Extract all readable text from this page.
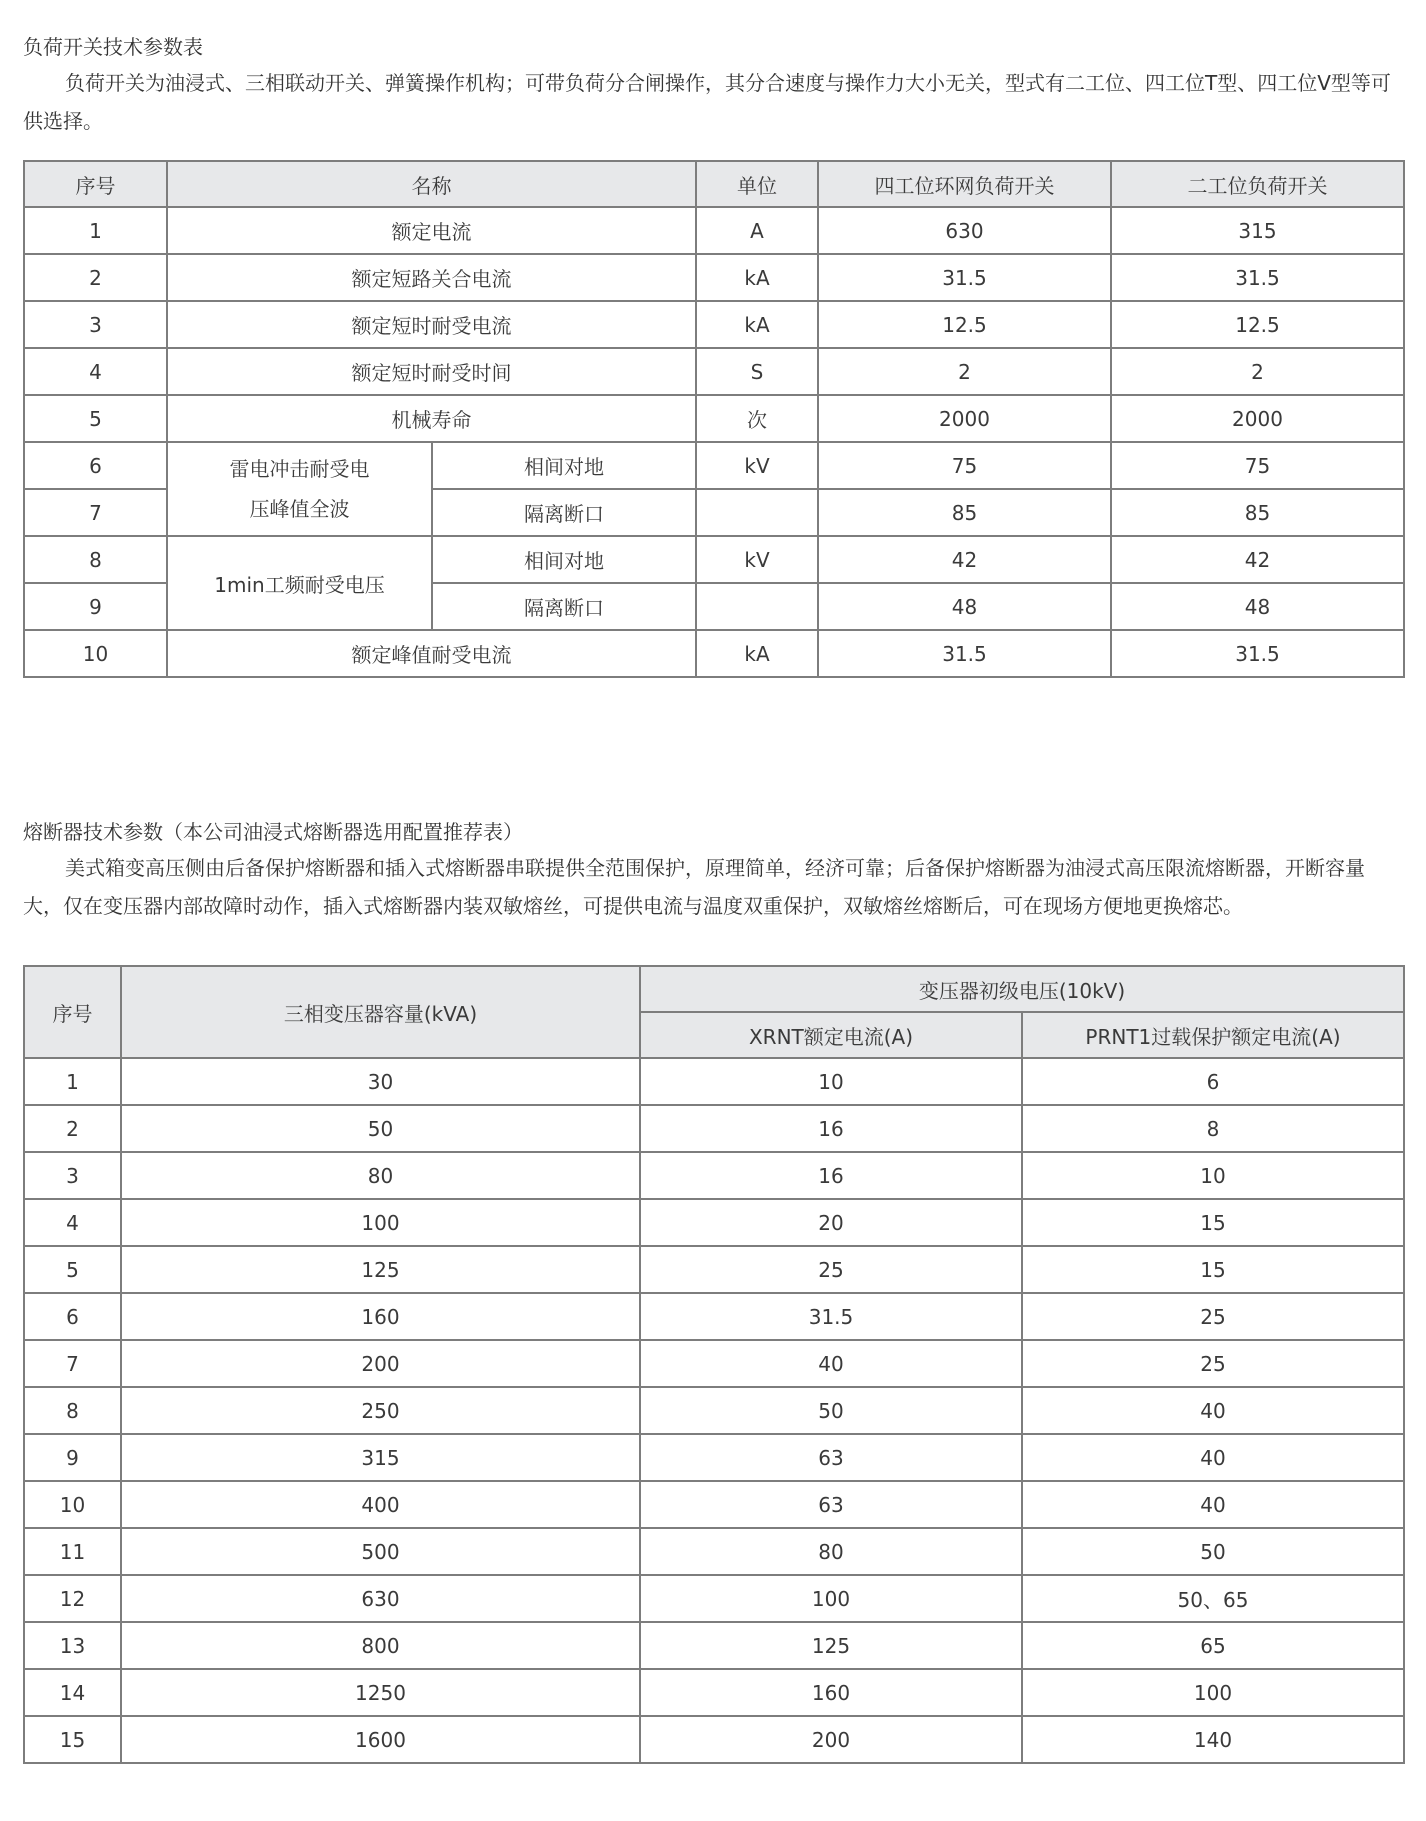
负荷开关技术参数表

负荷开关为油浸式、三相联动开关、弹簧操作机构；可带负荷分合闸操作，其分合速度与操作力大小无关，型式有二工位、四工位T型、四工位V型等可供选择。

序号	名称		单位	四工位环网负荷开关	二工位负荷开关
1	额定电流		A	630	315
2	额定短路关合电流		kA	31.5	31.5
3	额定短时耐受电流		kA	12.5	12.5
4	额定短时耐受时间		S	2	2
5	机械寿命		次	2000	2000
6	雷电冲击耐受电压峰值全波	相间对地	kV	75	75
7		隔离断口		85	85
8	1min工频耐受电压	相间对地	kV	42	42
9		隔离断口		48	48
10	额定峰值耐受电流		kA	31.5	31.5

熔断器技术参数（本公司油浸式熔断器选用配置推荐表）

美式箱变高压侧由后备保护熔断器和插入式熔断器串联提供全范围保护，原理简单，经济可靠；后备保护熔断器为油浸式高压限流熔断器，开断容量大，仅在变压器内部故障时动作，插入式熔断器内装双敏熔丝，可提供电流与温度双重保护，双敏熔丝熔断后，可在现场方便地更换熔芯。

序号	三相变压器容量(kVA)	变压器初级电压(10kV)	
		XRNT额定电流(A)	PRNT1过载保护额定电流(A)
1	30	10	6
2	50	16	8
3	80	16	10
4	100	20	15
5	125	25	15
6	160	31.5	25
7	200	40	25
8	250	50	40
9	315	63	40
10	400	63	40
11	500	80	50
12	630	100	50、65
13	800	125	65
14	1250	160	100
15	1600	200	140
